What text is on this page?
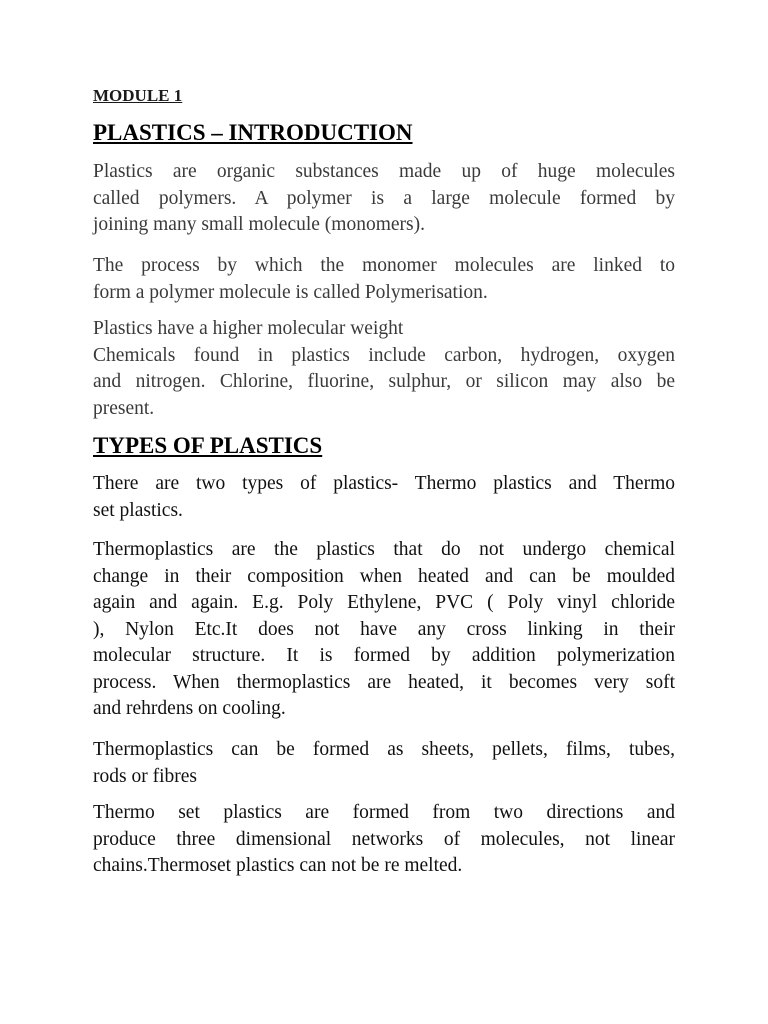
MODULE 1

PLASTICS – INTRODUCTION

Plastics are organic substances made up of huge molecules
called polymers. A polymer is a large molecule formed by
joining many small molecule (monomers).

The process by which the monomer molecules are linked to
form a polymer molecule is called Polymerisation.

Plastics have a higher molecular weight
Chemicals found in plastics include carbon, hydrogen, oxygen
and nitrogen. Chlorine, fluorine, sulphur, or silicon may also be
present.

TYPES OF PLASTICS

There are two types of plastics- Thermo plastics and Thermo
set plastics.

Thermoplastics are the plastics that do not undergo chemical
change in their composition when heated and can be moulded
again and again. E.g. Poly Ethylene, PVC ( Poly vinyl chloride
), Nylon Etc.It does not have any cross linking in their
molecular structure. It is formed by addition polymerization
process. When thermoplastics are heated, it becomes very soft
and rehrdens on cooling.

Thermoplastics can be formed as sheets, pellets, films, tubes,
rods or fibres

Thermo set plastics are formed from two directions and
produce three dimensional networks of molecules, not linear
chains.Thermoset plastics can not be re melted.
